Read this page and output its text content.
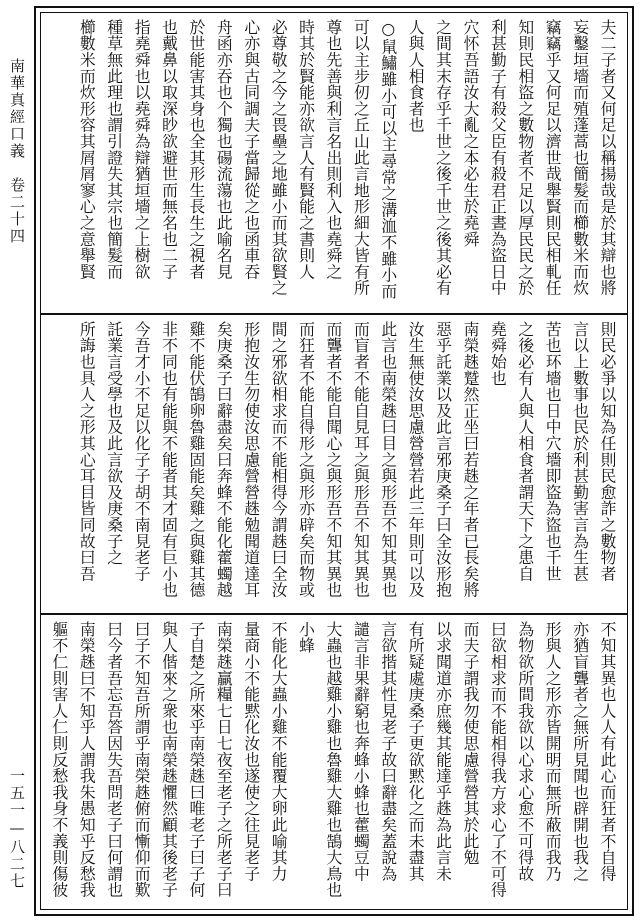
南華真經口義　卷二十四
一五一—八二七
夫二子者又何足以稱揚哉是於其辯也將
妄鑿垣墻而殖蓬蒿也簡髮而櫛數米而炊
竊竊乎又何足以濟世哉舉賢則民相軋任
知則民相盜之數物者不足以厚民民之於
利甚勤子有殺父臣有殺君正晝為盜日中
穴怀吾語汝大亂之本必生於堯舜
之間其末存乎千世之後千世之後其必有
人與人相食者也
○䑕鱐雖小可以主尋常之溝洫不雖小而
可以主步仞之丘山此言地形細大皆有所
尊也先善與利言名出則利入也堯舜之
時其於賢能亦欲言人有賢能之書則人
必尊敬之今之畏壘之地雖小而其欲賢之
心亦與古同調夫子當歸從之也函車吞
舟函亦吞也个獨也碭流蕩也此喻名見
於世能害其身也全其形生長生之視者
也戴鼻以取深眇欲避世而無名也二子
指堯舜也以堯舜為辯猶垣墻之上樹欲
種草無此理也謂引證失其宗也簡髮而
櫛數米而炊形容其屑屑寥心之意舉賢
則民必爭以知為任則民愈詐之數物者
言以上數事也民於利甚勤害言為生甚
苦也环墻也日中穴墻即盜為盜也千世
之後必有人與人相食者謂天下之患自
堯舜始也
南榮趎蹵然正坐曰若趎之年者已長矣將
惡乎託業以及此言邪庚桑子曰全汝形抱
汝生無使汝思慮營營若此三年則可以及
此言也南榮趎曰目之與形吾不知其異也
而盲者不能自見耳之與形吾不知其異也
而聾者不能自聞心之與形吾不知其異也
而狂者不能自得形之與形亦辟矣而物或
間之邪欲相求而不能相得今謂趎曰全汝
形抱汝生勿使汝思慮營營趎勉聞道達耳
矣庚桑子曰辭盡矣曰奔蜂不能化藿蠋越
雞不能伏鵠卵魯雞固能矣雞之與雞其德
非不同也有能與不能者其才固有巨小也
今吾才小不足以化子子胡不南見老子
託業言受學也及此言欲及庚桑子之
所誨也具人之形其心耳目皆同故曰吾
不知其異也人人有此心而狂者不自得
亦猶盲聾者之無所見聞也辟開也我之
形與人之形亦皆開明而無所蔽而我乃
為物欲所間我欲以心求心愈不可得故
曰欲相求而不能相得我方求心了不可得
而夫子謂我勿使思慮營營其於此勉
以求聞道亦庶幾其能達乎趎為此言未
有所疑處庚桑子更欲黙化之而未盡其
言欲揩其性見老子故曰辭盡矣蓋說為
譴言非果辭窮也奔蜂小蜂也藿蠋豆中
大蟲也越雞小雞也魯雞大雞也鵠大鳥也小蜂
不能化大蟲小雞不能覆大卵此喻其力
量商小不能黙化汝也遂使之往見老子
南榮趎贏糧七日七夜至老子之所老子曰
子自楚之所來乎南榮趎曰唯老子曰子何
與人偕來之衆也南榮趎懼然顧其後老子
曰子不知吾所謂乎南榮趎俯而慚仰而歎
曰今者吾忘吾答因失吾問老子曰何謂也
南榮趎曰不知乎人謂我朱愚知乎反愁我
軀不仁則害人仁則反愁我身不義則傷彼
